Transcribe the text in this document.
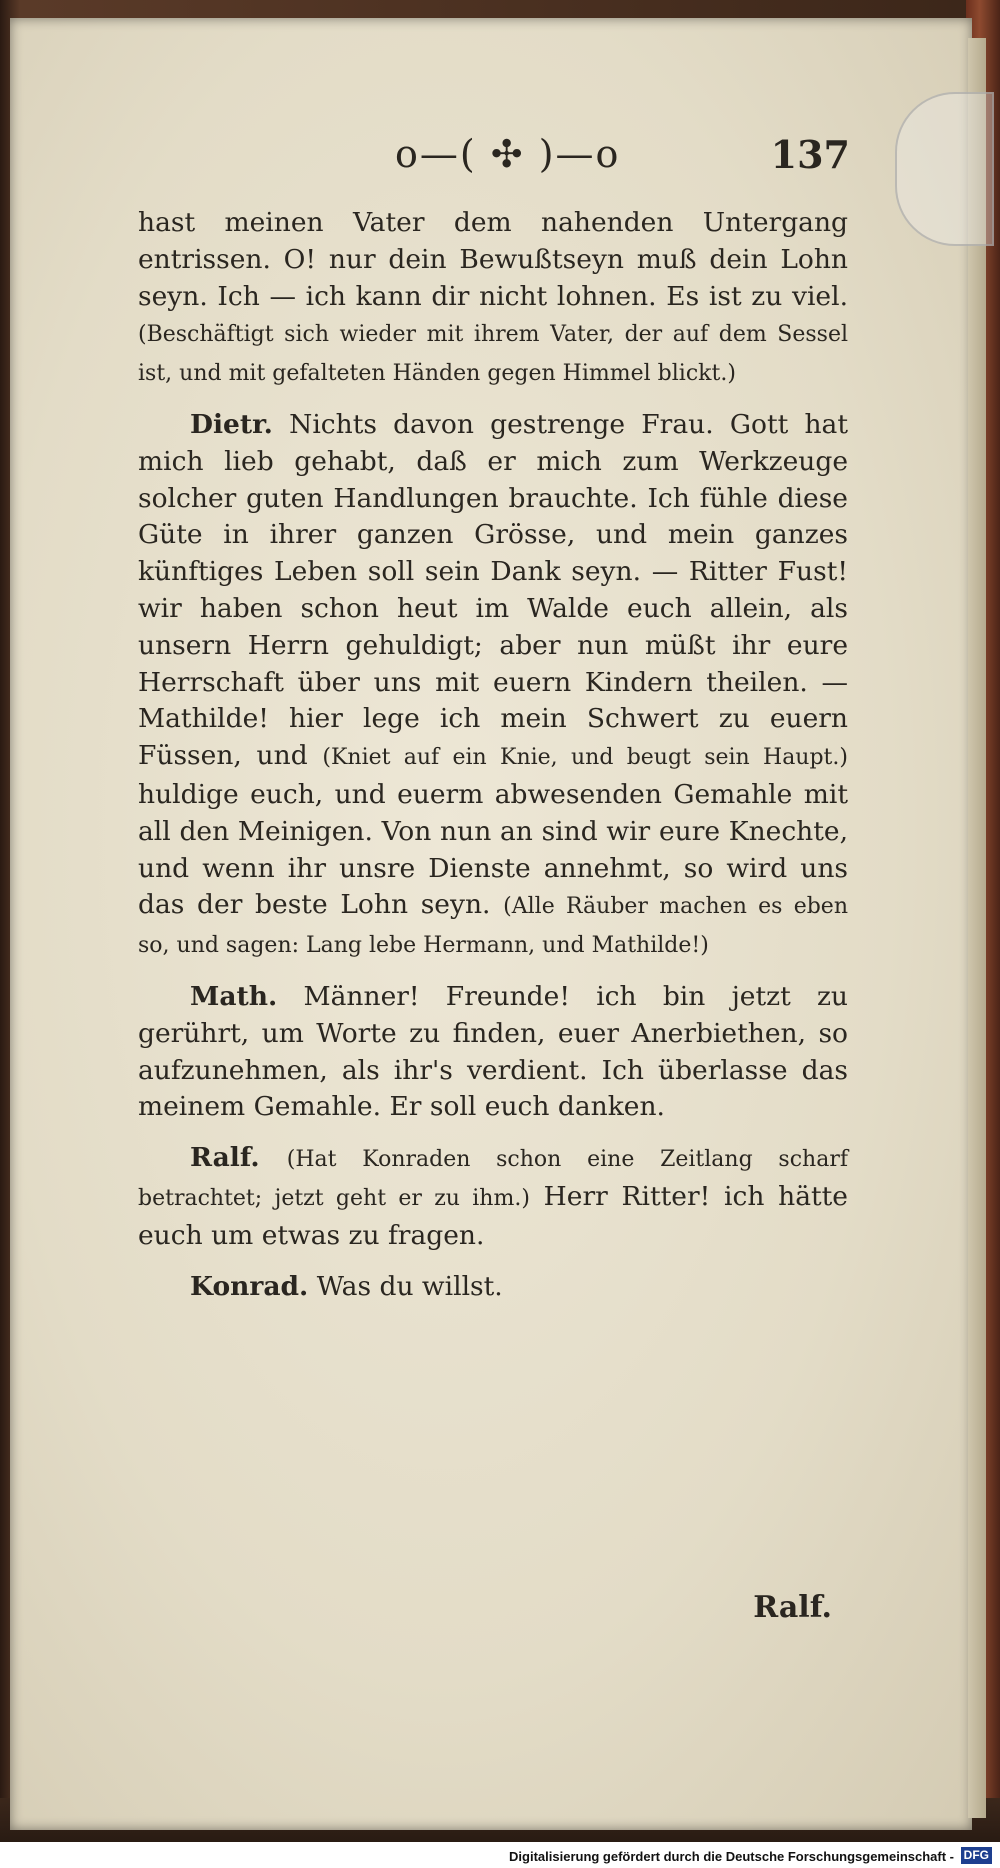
o—( ✣ )—o	137

hast meinen Vater dem nahenden Untergang entrissen. O! nur dein Bewußtseyn muß dein Lohn seyn. Ich — ich kann dir nicht lohnen. Es ist zu viel. (Beschäftigt sich wieder mit ihrem Vater, der auf dem Sessel ist, und mit gefalteten Händen gegen Himmel blickt.)

Dietr. Nichts davon gestrenge Frau. Gott hat mich lieb gehabt, daß er mich zum Werkzeuge solcher guten Handlungen brauchte. Ich fühle diese Güte in ihrer ganzen Grösse, und mein ganzes künftiges Leben soll sein Dank seyn. — Ritter Fust! wir haben schon heut im Walde euch allein, als unsern Herrn gehuldigt; aber nun müßt ihr eure Herrschaft über uns mit euern Kindern theilen. — Mathilde! hier lege ich mein Schwert zu euern Füssen, und (Kniet auf ein Knie, und beugt sein Haupt.) huldige euch, und euerm abwesenden Gemahle mit all den Meinigen. Von nun an sind wir eure Knechte, und wenn ihr unsre Dienste annehmt, so wird uns das der beste Lohn seyn. (Alle Räuber machen es eben so, und sagen: Lang lebe Hermann, und Mathilde!)

Math. Männer! Freunde! ich bin jetzt zu gerührt, um Worte zu finden, euer Anerbiethen, so aufzunehmen, als ihr's verdient. Ich überlasse das meinem Gemahle. Er soll euch danken.

Ralf. (Hat Konraden schon eine Zeitlang scharf betrachtet; jetzt geht er zu ihm.) Herr Ritter! ich hätte euch um etwas zu fragen.

Konrad. Was du willst.

Ralf.
Digitalisierung gefördert durch die Deutsche Forschungsgemeinschaft - DFG
